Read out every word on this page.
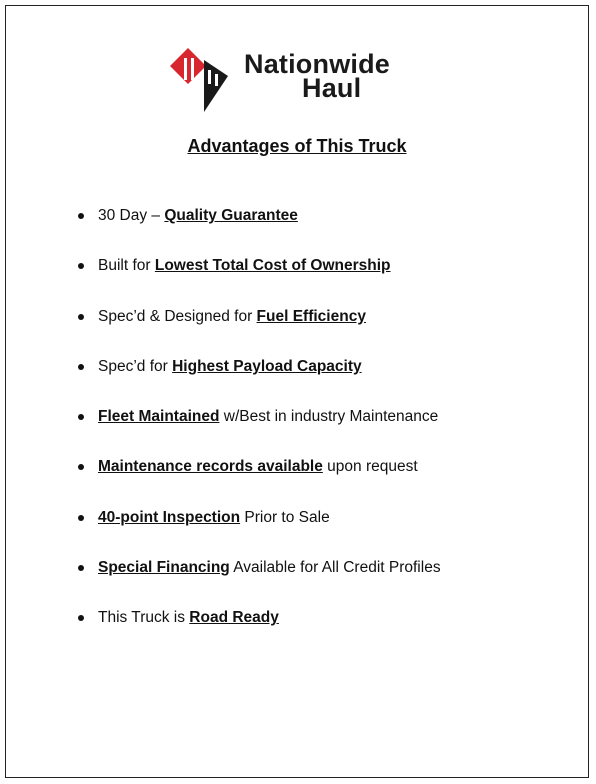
Nationwide
Haul
Advantages of This Truck
30 Day – Quality Guarantee
Built for Lowest Total Cost of Ownership
Spec’d & Designed for Fuel Efficiency
Spec’d for Highest Payload Capacity
Fleet Maintained w/Best in industry Maintenance
Maintenance records available upon request
40-point Inspection Prior to Sale
Special Financing Available for All Credit Profiles
This Truck is Road Ready
